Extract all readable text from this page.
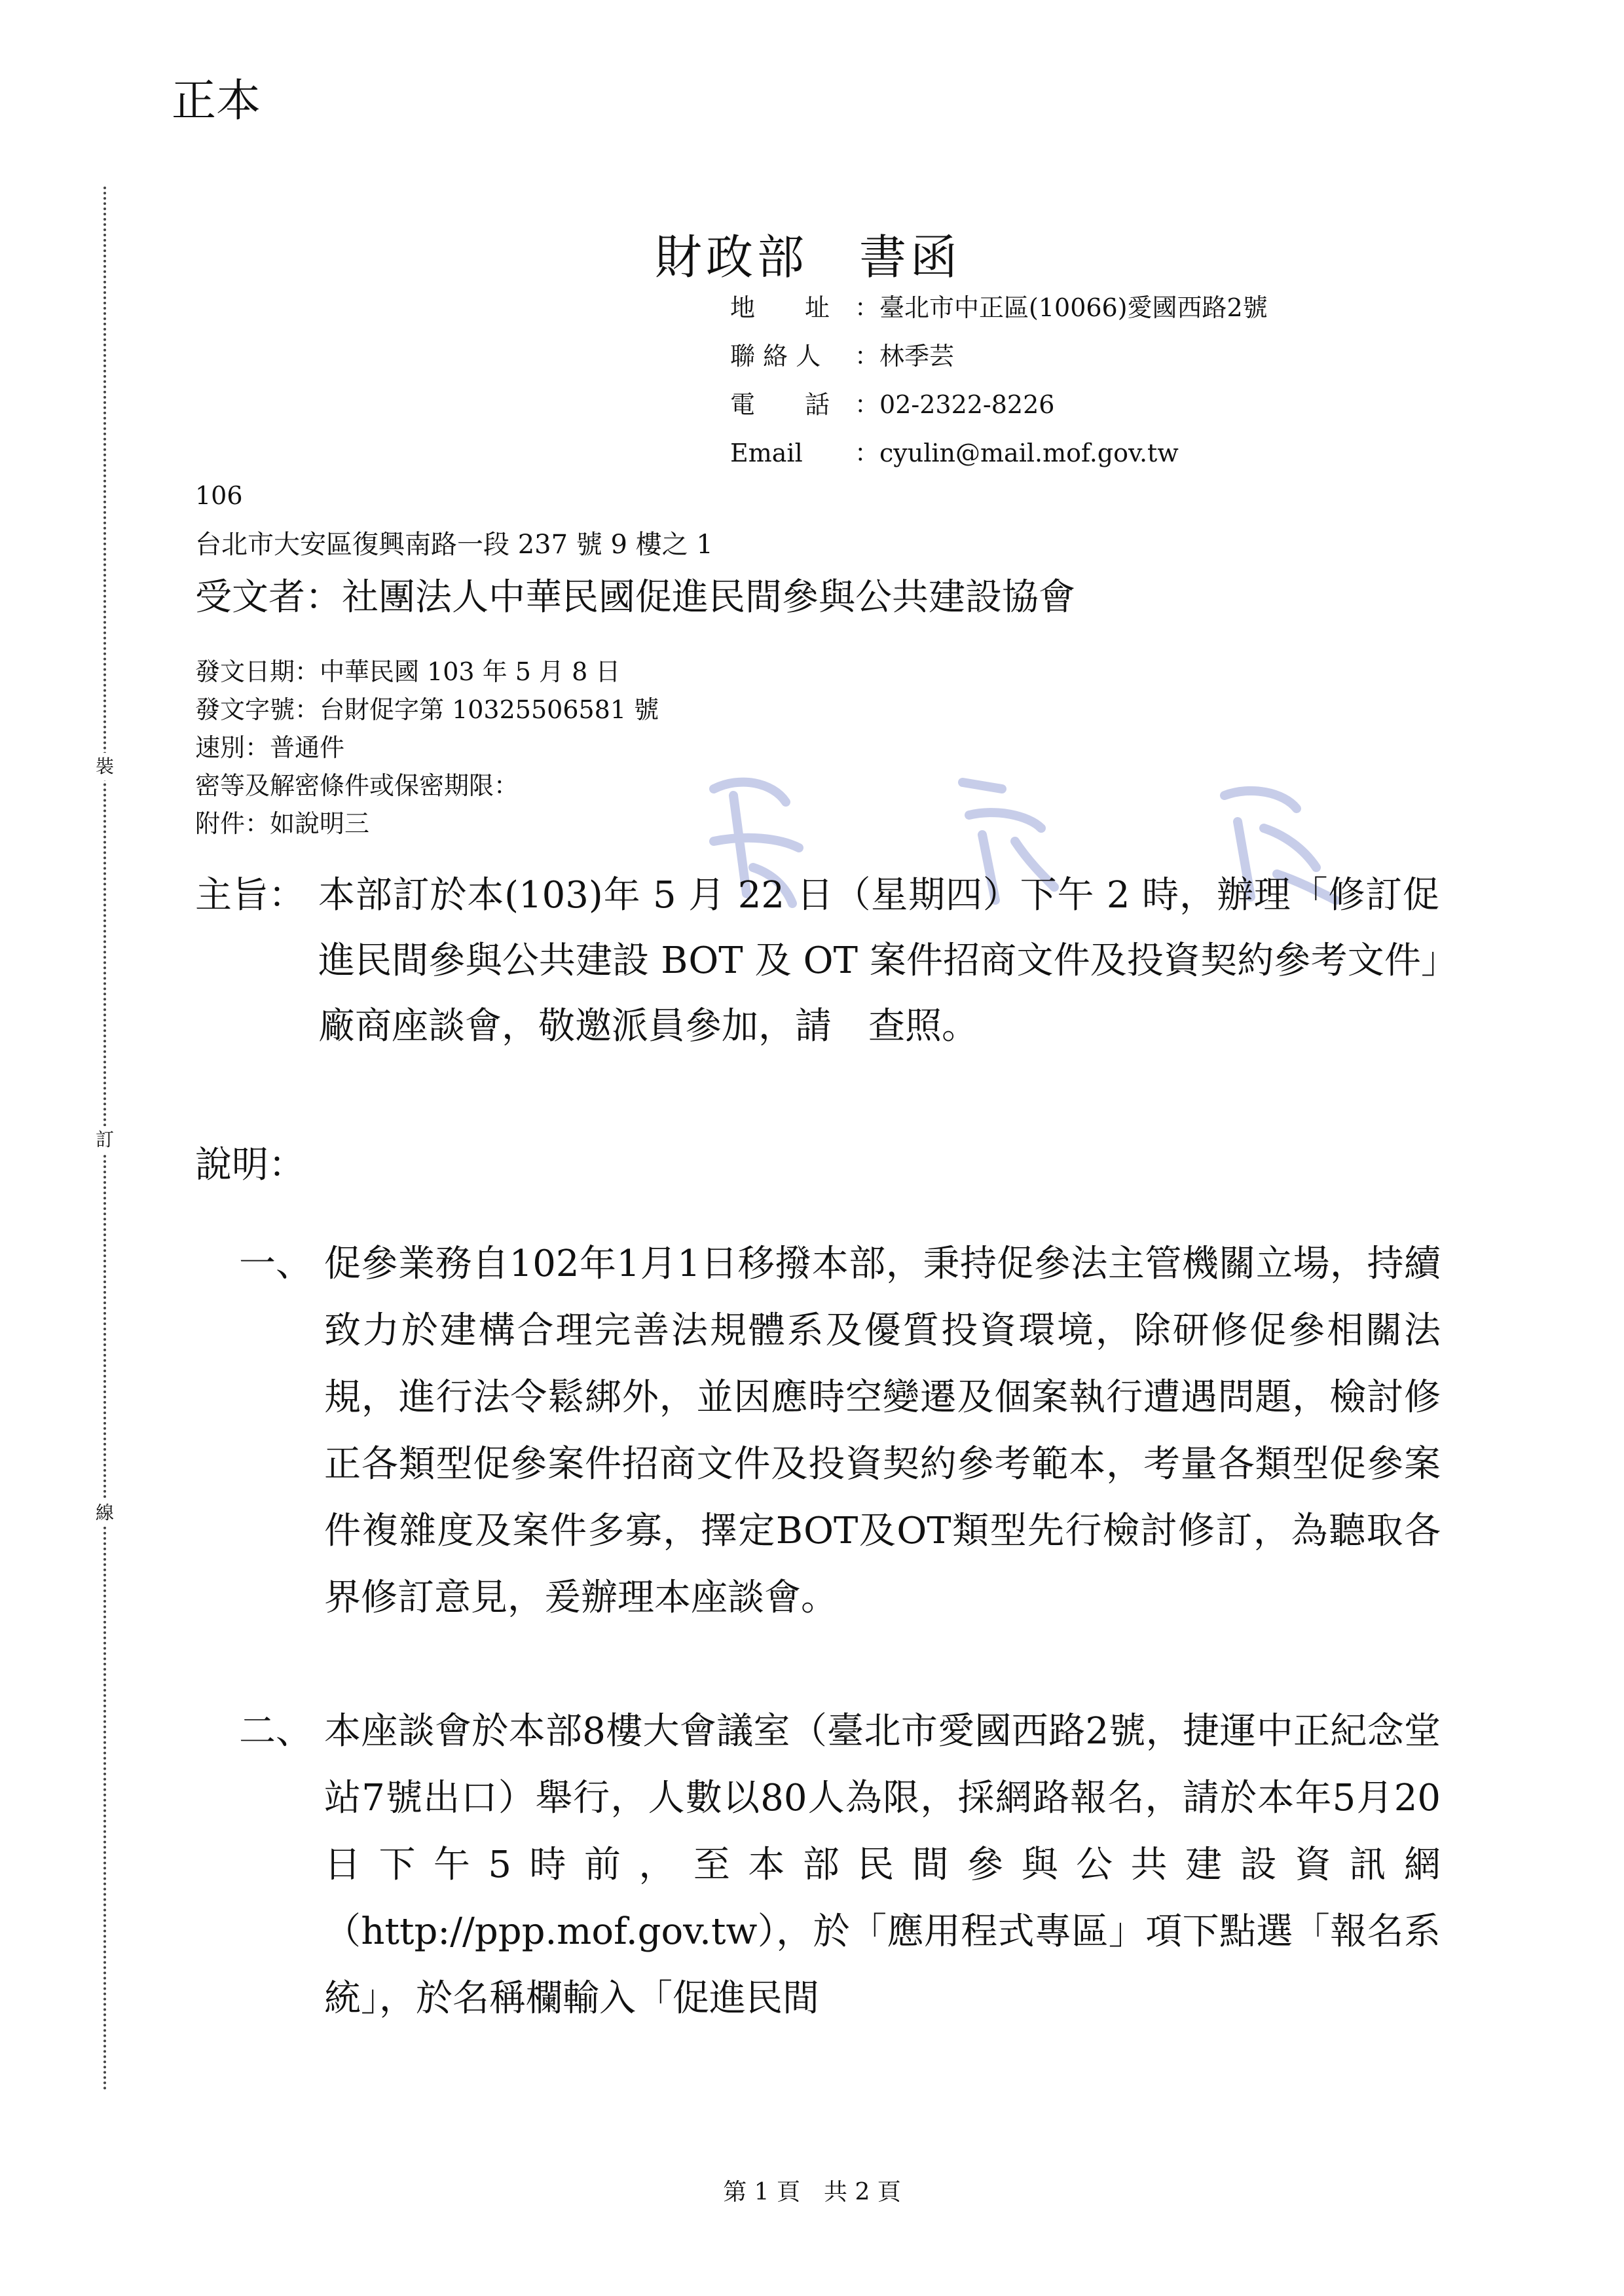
正本
裝
訂
線
財政部　書函
地　　址 ：臺北市中正區(10066)愛國西路2號
聯 絡 人 ：林季芸
電　　話 ：02-2322-8226
Email ：cyulin@mail.mof.gov.tw
106
台北市大安區復興南路一段 237 號 9 樓之 1
受文者：社團法人中華民國促進民間參與公共建設協會
發文日期：中華民國 103 年 5 月 8 日
發文字號：台財促字第 10325506581 號
速別：普通件
密等及解密條件或保密期限：
附件：如說明三
主旨： 本部訂於本(103)年 5 月 22 日（星期四）下午 2 時，辦理「修訂促進民間參與公共建設 BOT 及 OT 案件招商文件及投資契約參考文件」廠商座談會，敬邀派員參加，請　查照。
說明：
一、 促參業務自102年1月1日移撥本部，秉持促參法主管機關立場，持續致力於建構合理完善法規體系及優質投資環境，除研修促參相關法規，進行法令鬆綁外，並因應時空變遷及個案執行遭遇問題，檢討修正各類型促參案件招商文件及投資契約參考範本，考量各類型促參案件複雜度及案件多寡，擇定BOT及OT類型先行檢討修訂，為聽取各界修訂意見，爰辦理本座談會。
二、 本座談會於本部8樓大會議室（臺北市愛國西路2號，捷運中正紀念堂站7號出口）舉行，人數以80人為限，採網路報名，請於本年5月20日下午5時前，至本部民間參與公共建設資訊網（http://ppp.mof.gov.tw），於「應用程式專區」項下點選「報名系統」，於名稱欄輸入「促進民間
第 1 頁　共 2 頁
